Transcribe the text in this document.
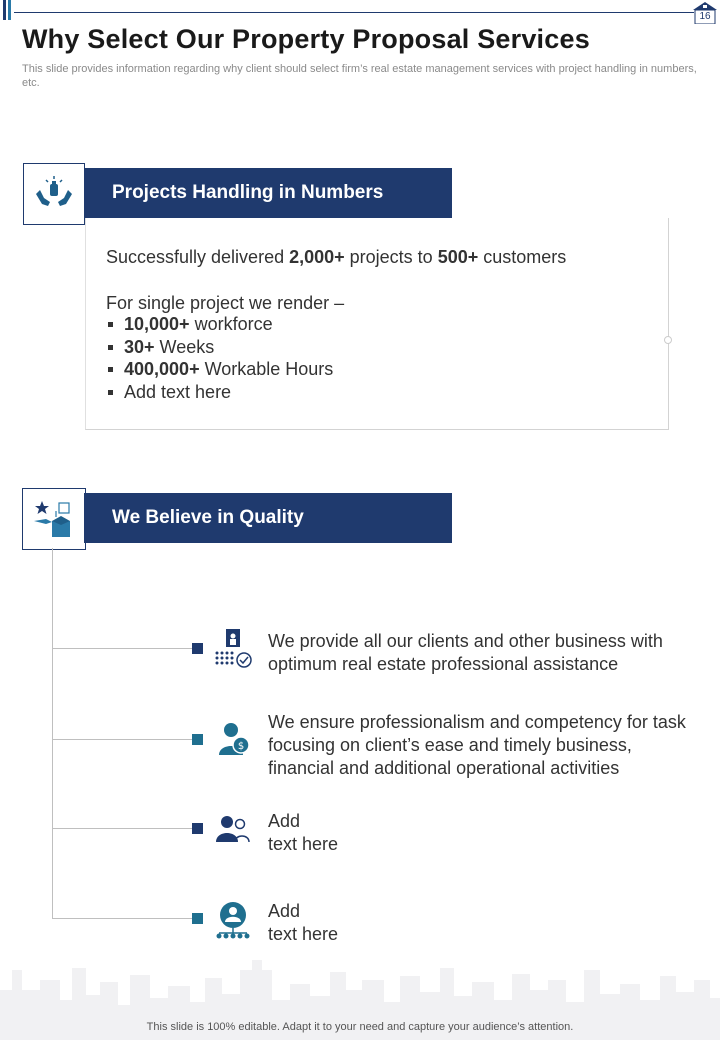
16
Why Select Our Property Proposal Services
This slide provides information regarding why client should select firm’s real estate management services with project handling in numbers, etc.
Projects Handling in Numbers
Successfully delivered 2,000+ projects to 500+ customers
For single project we render –
10,000+ workforce
30+ Weeks
400,000+ Workable Hours
Add text here
We Believe in Quality
$
We provide all our clients and other business with
optimum real estate professional assistance
We ensure professionalism and competency for task
focusing on client’s ease and timely business,
financial and additional operational activities
Add
text here
Add
text here
This slide is 100% editable. Adapt it to your need and capture your audience’s attention.
